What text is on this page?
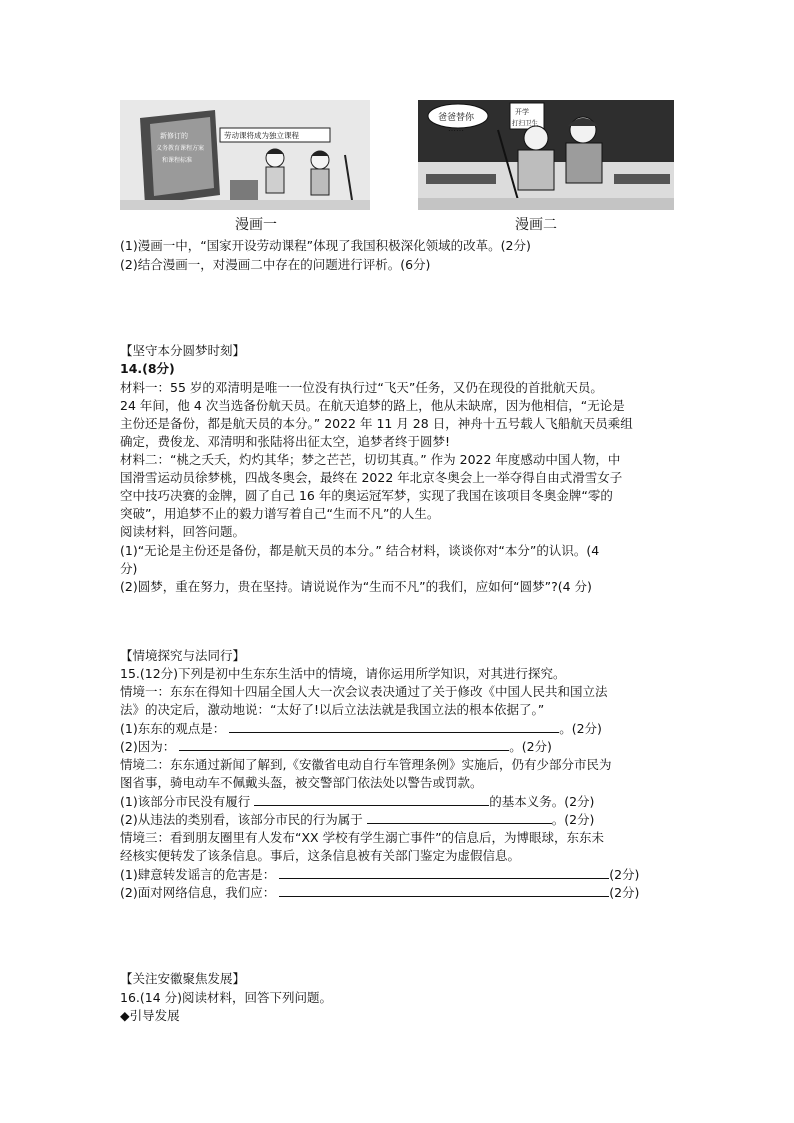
新修订的
义务教育课程方案
和课程标准
劳动课将成为独立课程
爸爸替你
……
开学
打扫卫生
漫画一	漫画二
(1)漫画一中，“国家开设劳动课程”体现了我国积极深化领域的改革。(2分)
(2)结合漫画一，对漫画二中存在的问题进行评析。(6分)
【坚守本分圆梦时刻】
14.(8分)
材料一：55 岁的邓清明是唯一一位没有执行过“飞天”任务，又仍在现役的首批航天员。
24 年间，他 4 次当选备份航天员。在航天追梦的路上，他从未缺席，因为他相信，“无论是
主份还是备份，都是航天员的本分。” 2022 年 11 月 28 日，神舟十五号载人飞船航天员乘组
确定，费俊龙、邓清明和张陆将出征太空，追梦者终于圆梦!
材料二：“桃之夭夭，灼灼其华；梦之芒芒，切切其真。” 作为 2022 年度感动中国人物，中
国滑雪运动员徐梦桃，四战冬奥会，最终在 2022 年北京冬奥会上一举夺得自由式滑雪女子
空中技巧决赛的金牌，圆了自己 16 年的奥运冠军梦，实现了我国在该项目冬奥金牌“零的
突破”，用追梦不止的毅力谱写着自己“生而不凡”的人生。
阅读材料，回答问题。
(1)“无论是主份还是备份，都是航天员的本分。” 结合材料，谈谈你对“本分”的认识。(4
分)
(2)圆梦，重在努力，贵在坚持。请说说作为“生而不凡”的我们，应如何“圆梦”?(4 分)
【情境探究与法同行】
15.(12分)下列是初中生东东生活中的情境，请你运用所学知识，对其进行探究。
情境一：东东在得知十四届全国人大一次会议表决通过了关于修改《中国人民共和国立法
法》的决定后，激动地说：“太好了!以后立法法就是我国立法的根本依据了。”
(1)东东的观点是：	。(2分)
(2)因为：	。(2分)
情境二：东东通过新闻了解到,《安徽省电动自行车管理条例》实施后，仍有少部分市民为
图省事，骑电动车不佩戴头盔，被交警部门依法处以警告或罚款。
(1)该部分市民没有履行	的基本义务。(2分)
(2)从违法的类别看，该部分市民的行为属于	。(2分)
情境三：看到朋友圈里有人发布“XX 学校有学生溺亡事件”的信息后，为博眼球，东东未
经核实便转发了该条信息。事后，这条信息被有关部门鉴定为虚假信息。
(1)肆意转发谣言的危害是：	(2分)
(2)面对网络信息，我们应：	(2分)
【关注安徽聚焦发展】
16.(14 分)阅读材料，回答下列问题。
◆引导发展
